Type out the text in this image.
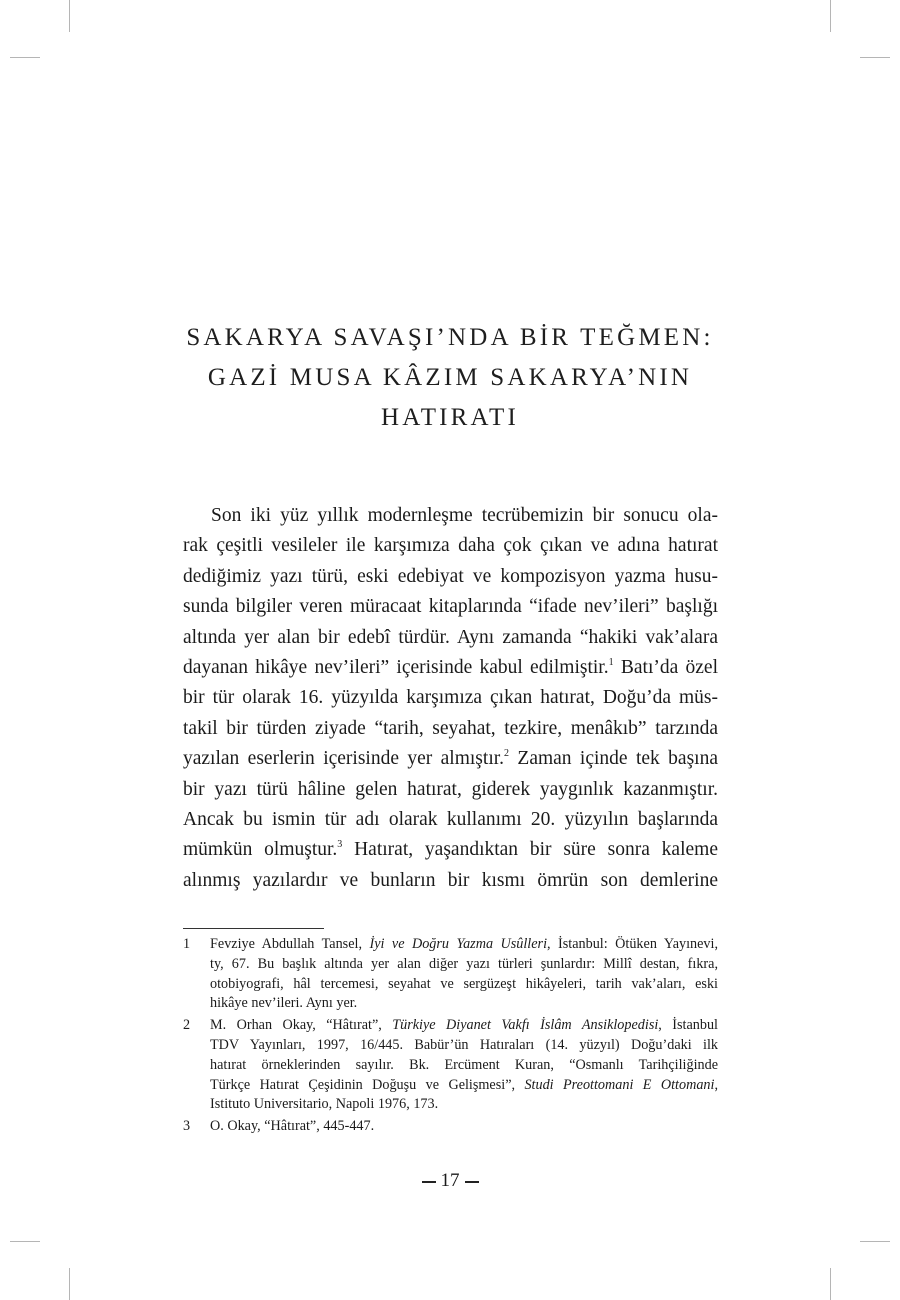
SAKARYA SAVAŞI’NDA BİR TEĞMEN:
GAZİ MUSA KÂZIM SAKARYA’NIN
HATIRATI
Son iki yüz yıllık modernleşme tecrübemizin bir sonucu ola-
rak çeşitli vesileler ile karşımıza daha çok çıkan ve adına hatırat
dediğimiz yazı türü, eski edebiyat ve kompozisyon yazma husu-
sunda bilgiler veren müracaat kitaplarında “ifade nev’ileri” başlığı
altında yer alan bir edebî türdür. Aynı zamanda “hakiki vak’alara
dayanan hikâye nev’ileri” içerisinde kabul edilmiştir.$^1$ Batı’da özel
bir tür olarak 16. yüzyılda karşımıza çıkan hatırat, Doğu’da müs-
takil bir türden ziyade “tarih, seyahat, tezkire, menâkıb” tarzında
yazılan eserlerin içerisinde yer almıştır.$^2$ Zaman içinde tek başına
bir yazı türü hâline gelen hatırat, giderek yaygınlık kazanmıştır.
Ancak bu ismin tür adı olarak kullanımı 20. yüzyılın başlarında
mümkün olmuştur.$^3$ Hatırat, yaşandıktan bir süre sonra kaleme
alınmış yazılardır ve bunların bir kısmı ömrün son demlerine
1	Fevziye Abdullah Tansel, İyi ve Doğru Yazma Usûlleri, İstanbul: Ötüken Yayınevi,
ty, 67. Bu başlık altında yer alan diğer yazı türleri şunlardır: Millî destan, fıkra,
otobiyografi, hâl tercemesi, seyahat ve sergüzeşt hikâyeleri, tarih vak’aları, eski
hikâye nev’ileri. Aynı yer.
2	M. Orhan Okay, “Hâtırat”, Türkiye Diyanet Vakfı İslâm Ansiklopedisi, İstanbul
TDV Yayınları, 1997, 16/445. Babür’ün Hatıraları (14. yüzyıl) Doğu’daki ilk
hatırat örneklerinden sayılır. Bk. Ercüment Kuran, “Osmanlı Tarihçiliğinde
Türkçe Hatırat Çeşidinin Doğuşu ve Gelişmesi”, Studi Preottomani E Ottomani,
Istituto Universitario, Napoli 1976, 173.
3	O. Okay, “Hâtırat”, 445-447.
17
